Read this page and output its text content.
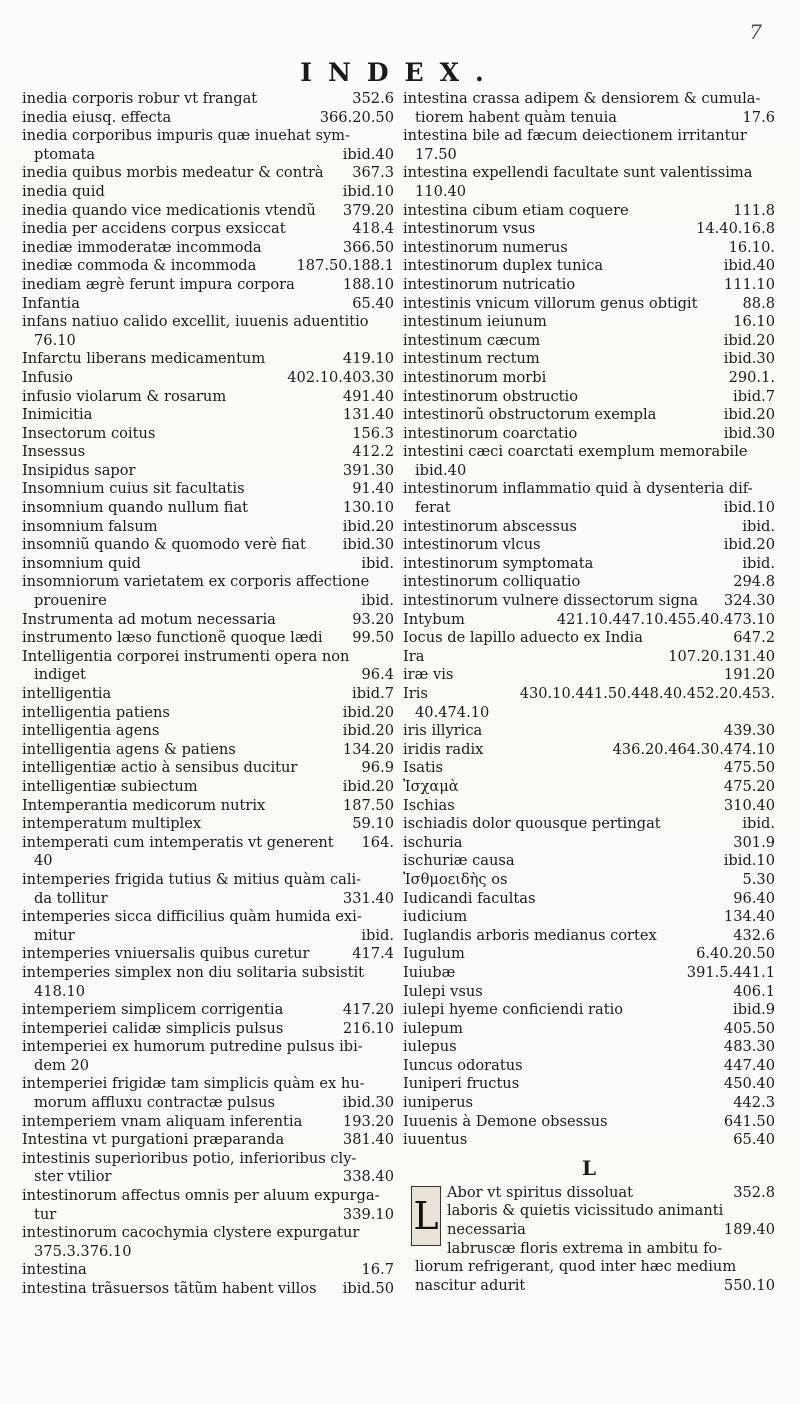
7
INDEX.
352.6
inedia corporis robur vt frangat
366.20.50
inedia eiusq. effecta
inedia corporibus impuris quæ inuehat sym-
ibid.40
ptomata
367.3
inedia quibus morbis medeatur & contrà
ibid.10
inedia quid
379.20
inedia quando vice medicationis vtendũ
418.4
inedia per accidens corpus exsiccat
366.50
inediæ immoderatæ incommoda
187.50.188.1
inediæ commoda & incommoda
188.10
inediam ægrè ferunt impura corpora
65.40
Infantia
infans natiuo calido excellit, iuuenis aduentitio
76.10
419.10
Infarctu liberans medicamentum
402.10.403.30
Infusio
491.40
infusio violarum & rosarum
131.40
Inimicitia
156.3
Insectorum coitus
412.2
Insessus
391.30
Insipidus sapor
91.40
Insomnium cuius sit facultatis
130.10
insomnium quando nullum fiat
ibid.20
insomnium falsum
ibid.30
insomniũ quando & quomodo verè fiat
ibid.
insomnium quid
insomniorum varietatem ex corporis affectione
ibid.
prouenire
93.20
Instrumenta ad motum necessaria
99.50
instrumento læso functionẽ quoque lædi
Intelligentia corporei instrumenti opera non
96.4
indiget
ibid.7
intelligentia
ibid.20
intelligentia patiens
ibid.20
intelligentia agens
134.20
intelligentia agens & patiens
96.9
intelligentiæ actio à sensibus ducitur
ibid.20
intelligentiæ subiectum
187.50
Intemperantia medicorum nutrix
59.10
intemperatum multiplex
164.
intemperati cum intemperatis vt generent
40
intemperies frigida tutius & mitius quàm cali-
331.40
da tollitur
intemperies sicca difficilius quàm humida exi-
ibid.
mitur
417.4
intemperies vniuersalis quibus curetur
intemperies simplex non diu solitaria subsistit
418.10
417.20
intemperiem simplicem corrigentia
216.10
intemperiei calidæ simplicis pulsus
intemperiei ex humorum putredine pulsus ibi-
dem 20
intemperiei frigidæ tam simplicis quàm ex hu-
ibid.30
morum affluxu contractæ pulsus
193.20
intemperiem vnam aliquam inferentia
381.40
Intestina vt purgationi præparanda
intestinis superioribus potio, inferioribus cly-
338.40
ster vtilior
intestinorum affectus omnis per aluum expurga-
339.10
tur
intestinorum cacochymia clystere expurgatur
375.3.376.10
16.7
intestina
ibid.50
intestina trãsuersos tãtũm habent villos
intestina crassa adipem & densiorem & cumula-
17.6
tiorem habent quàm tenuia
intestina bile ad fæcum deiectionem irritantur
17.50
intestina expellendi facultate sunt valentissima
110.40
111.8
intestina cibum etiam coquere
14.40.16.8
intestinorum vsus
16.10.
intestinorum numerus
ibid.40
intestinorum duplex tunica
111.10
intestinorum nutricatio
88.8
intestinis vnicum villorum genus obtigit
16.10
intestinum ieiunum
ibid.20
intestinum cæcum
ibid.30
intestinum rectum
290.1.
intestinorum morbi
ibid.7
intestinorum obstructio
ibid.20
intestinorũ obstructorum exempla
ibid.30
intestinorum coarctatio
intestini cæci coarctati exemplum memorabile
ibid.40
intestinorum inflammatio quid à dysenteria dif-
ibid.10
ferat
ibid.
intestinorum abscessus
ibid.20
intestinorum vlcus
ibid.
intestinorum symptomata
294.8
intestinorum colliquatio
324.30
intestinorum vulnere dissectorum signa
421.10.447.10.455.40.473.10
Intybum
647.2
Iocus de lapillo aduecto ex India
107.20.131.40
Ira
191.20
iræ vis
430.10.441.50.448.40.452.20.453.
Iris
40.474.10
439.30
iris illyrica
436.20.464.30.474.10
iridis radix
475.50
Isatis
475.20
Ἰσχαμὰ
310.40
Ischias
ibid.
ischiadis dolor quousque pertingat
301.9
ischuria
ibid.10
ischuriæ causa
5.30
Ἰσθμοειδὴς os
96.40
Iudicandi facultas
134.40
iudicium
432.6
Iuglandis arboris medianus cortex
6.40.20.50
Iugulum
391.5.441.1
Iuiubæ
406.1
Iulepi vsus
ibid.9
iulepi hyeme conficiendi ratio
405.50
iulepum
483.30
iulepus
447.40
Iuncus odoratus
450.40
Iuniperi fructus
442.3
iuniperus
641.50
Iuuenis à Demone obsessus
65.40
iuuentus
L
L
352.8
Abor vt spiritus dissoluat
laboris & quietis vicissitudo animanti
189.40
necessaria
labruscæ floris extrema in ambitu fo-
liorum refrigerant, quod inter hæc medium
550.10
nascitur adurit
